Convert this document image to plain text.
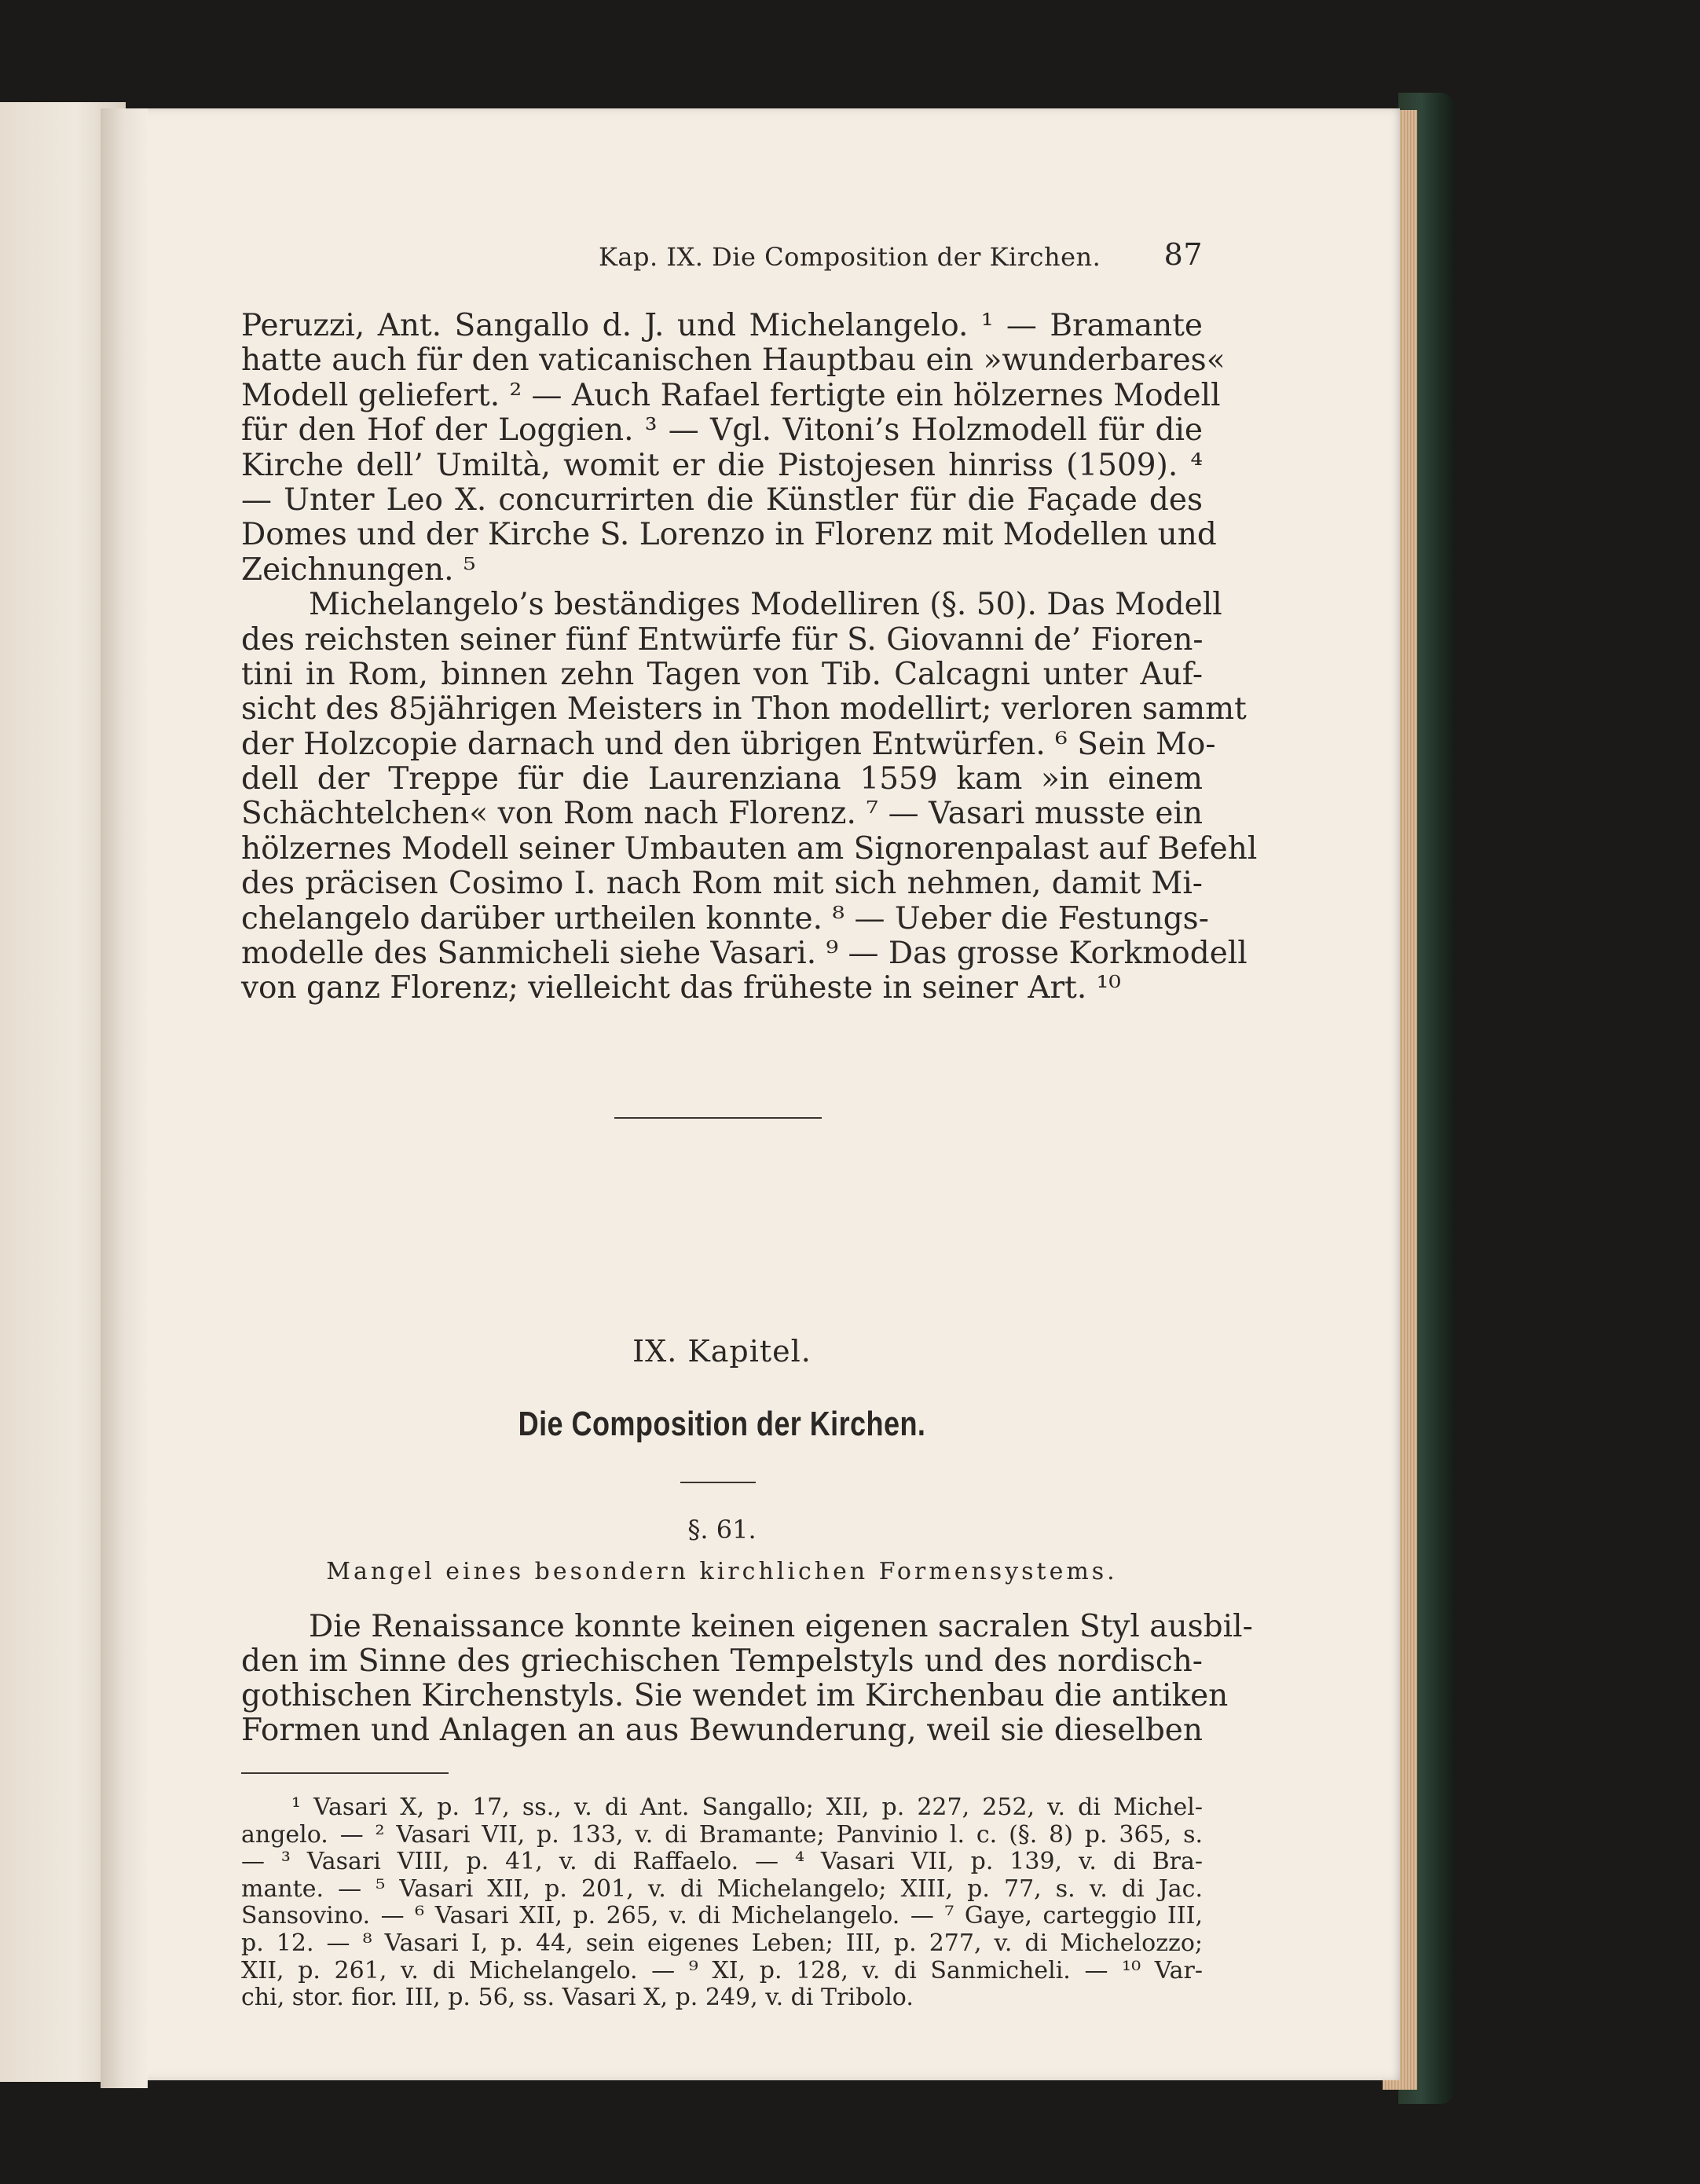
Kap. IX. Die Composition der Kirchen. 87
Peruzzi, Ant. Sangallo d. J. und Michelangelo. ¹ — Bramante
hatte auch für den vaticanischen Hauptbau ein »wunderbares«
Modell geliefert. ² — Auch Rafael fertigte ein hölzernes Modell
für den Hof der Loggien. ³ — Vgl. Vitoni’s Holzmodell für die
Kirche dell’ Umiltà, womit er die Pistojesen hinriss (1509). ⁴
— Unter Leo X. concurrirten die Künstler für die Façade des
Domes und der Kirche S. Lorenzo in Florenz mit Modellen und
Zeichnungen. ⁵
Michelangelo’s beständiges Modelliren (§. 50). Das Modell
des reichsten seiner fünf Entwürfe für S. Giovanni de’ Fioren-
tini in Rom, binnen zehn Tagen von Tib. Calcagni unter Auf-
sicht des 85jährigen Meisters in Thon modellirt; verloren sammt
der Holzcopie darnach und den übrigen Entwürfen. ⁶ Sein Mo-
dell der Treppe für die Laurenziana 1559 kam »in einem
Schächtelchen« von Rom nach Florenz. ⁷ — Vasari musste ein
hölzernes Modell seiner Umbauten am Signorenpalast auf Befehl
des präcisen Cosimo I. nach Rom mit sich nehmen, damit Mi-
chelangelo darüber urtheilen konnte. ⁸ — Ueber die Festungs-
modelle des Sanmicheli siehe Vasari. ⁹ — Das grosse Korkmodell
von ganz Florenz; vielleicht das früheste in seiner Art. ¹⁰
IX. Kapitel.
Die Composition der Kirchen.
§. 61.
Mangel eines besondern kirchlichen Formensystems.
Die Renaissance konnte keinen eigenen sacralen Styl ausbil-
den im Sinne des griechischen Tempelstyls und des nordisch-
gothischen Kirchenstyls. Sie wendet im Kirchenbau die antiken
Formen und Anlagen an aus Bewunderung, weil sie dieselben
¹ Vasari X, p. 17, ss., v. di Ant. Sangallo; XII, p. 227, 252, v. di Michel-
angelo. — ² Vasari VII, p. 133, v. di Bramante; Panvinio l. c. (§. 8) p. 365, s.
— ³ Vasari VIII, p. 41, v. di Raffaelo. — ⁴ Vasari VII, p. 139, v. di Bra-
mante. — ⁵ Vasari XII, p. 201, v. di Michelangelo; XIII, p. 77, s. v. di Jac.
Sansovino. — ⁶ Vasari XII, p. 265, v. di Michelangelo. — ⁷ Gaye, carteggio III,
p. 12. — ⁸ Vasari I, p. 44, sein eigenes Leben; III, p. 277, v. di Michelozzo;
XII, p. 261, v. di Michelangelo. — ⁹ XI, p. 128, v. di Sanmicheli. — ¹⁰ Var-
chi, stor. fior. III, p. 56, ss. Vasari X, p. 249, v. di Tribolo.
